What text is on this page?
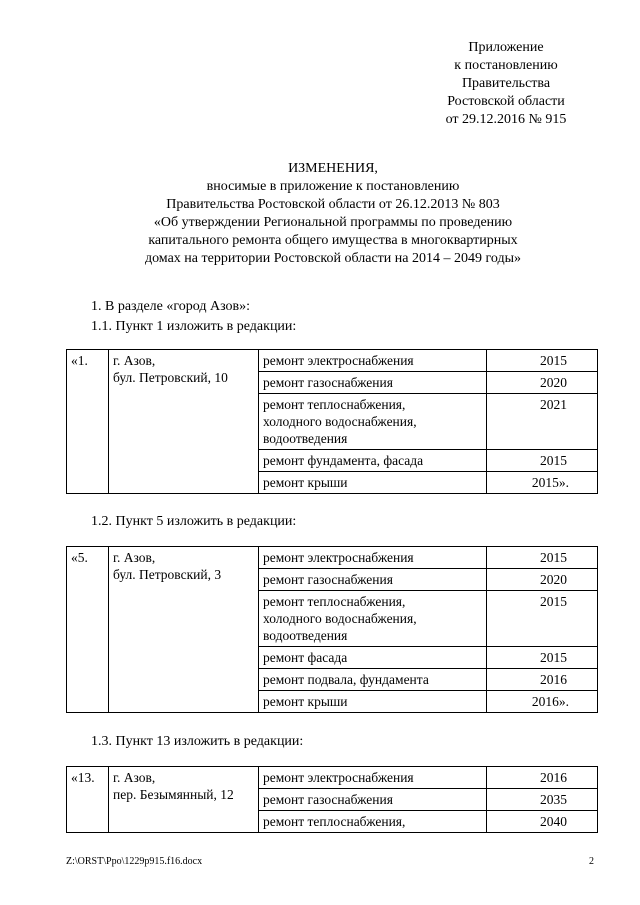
Приложение
к постановлению
Правительства
Ростовской области
от 29.12.2016 № 915
ИЗМЕНЕНИЯ,
вносимые в приложение к постановлению
Правительства Ростовской области от 26.12.2013 № 803
«Об утверждении Региональной программы по проведению
капитального ремонта общего имущества в многоквартирных
домах на территории Ростовской области на 2014 – 2049 годы»
1. В разделе «город Азов»:
1.1. Пункт 1 изложить в редакции:
«1.	г. Азов,
бул. Петровский, 10	ремонт электроснабжения	2015
		ремонт газоснабжения	2020
		ремонт теплоснабжения,
холодного водоснабжения,
водоотведения	2021
		ремонт фундамента, фасада	2015
		ремонт крыши	2015».
1.2. Пункт 5 изложить в редакции:
«5.	г. Азов,
бул. Петровский, 3	ремонт электроснабжения	2015
		ремонт газоснабжения	2020
		ремонт теплоснабжения,
холодного водоснабжения,
водоотведения	2015
		ремонт фасада	2015
		ремонт подвала, фундамента	2016
		ремонт крыши	2016».
1.3. Пункт 13 изложить в редакции:
«13.	г. Азов,
пер. Безымянный, 12	ремонт электроснабжения	2016
		ремонт газоснабжения	2035
		ремонт теплоснабжения,	2040
Z:\ORST\Ppo\1229p915.f16.docx	2
